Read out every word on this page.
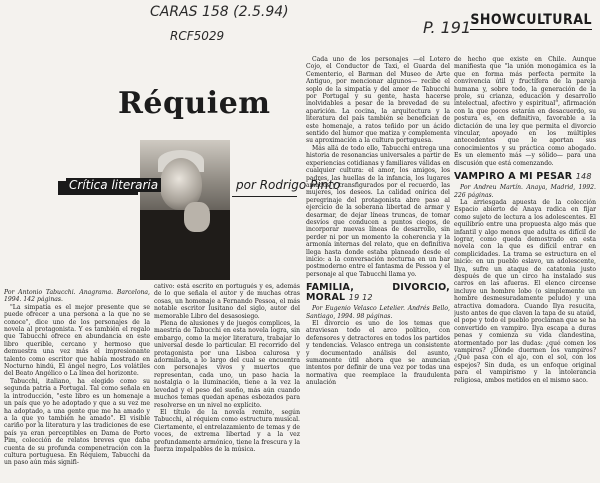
CARAS 158 (2.5.94)
RCF5029	P. 191 SHOWCULTURAL
Réquiem
Crítica literaria	por Rodrigo Pinto

Por Antonio Tabucchi. Anagrama. Barcelona, 1994. 142 páginas.

"La simpatía es el mejor presente que se puede ofrecer a una persona a la que no se conoce", dice uno de los personajes de la novela al protagonista. Y es también el regalo que Tabucchi ofrece en abundancia en este libro querible, cercano y hermoso que demuestra una vez más el impresionante talento como escritor que había mostrado en Nocturno hindú, El ángel negro, Los volátiles del Beato Angélico o La línea del horizonte.

Tabucchi, italiano, ha elegido como su segunda patria a Portugal. Tal como señala en la introducción, "este libro es un homenaje a un país que yo he adoptado y que a su vez me ha adoptado, a una gente que me ha amado y a la que yo también he amado". El visible cariño por la literatura y las tradiciones de ese país ya eran perceptibles en Dama de Porto Pim, colección de relatos breves que daba cuenta de su profunda compenetración con la cultura portuguesa. En Réquiem, Tabucchi da un paso aún más signifi-

cativo: está escrito en portugués y es, además de lo que señala el autor y de muchas otras cosas, un homenaje a Fernando Pessoa, el más notable escritor lusitano del siglo, autor del memorable Libro del desasosiego.

Plena de alusiones y de juegos complices, la maestría de Tabucchi en esta novela logra, sin embargo, como la mejor literatura, trabajar lo universal desde lo particular. El recorrido del protagonista por una Lisboa calurosa y adormilada, a lo largo del cual se encuentra con personajes vivos y muertos que representan, cada uno, un paso hacia la nostalgia o la iluminación, tiene a la vez la levedad y el peso del sueño, más aún cuando muchos temas quedan apenas esbozados para resolverse en un nivel no explícito.

El título de la novela remite, según Tabucchi, al réquiem como estructura musical. Ciertamente, el entrelazamiento de temas y de voces, de extrema libertad y a la vez profundamente armónico, tiene la frescura y la fuerza impalpables de la música.

Cada uno de los personajes —el Lotero Cojo, el Conductor de Taxi, el Guarda del Cementerio, el Barman del Museo de Arte Antiguo, por mencionar algunos— recibe el soplo de la simpatía y del amor de Tabucchi por Portugal y su gente, hasta hacerse inolvidables a pesar de la brevedad de su aparición. La cocina, la arquitectura y la literatura del país también se benefician de este homenaje, a ratos teñido por un ácido sentido del humor que matiza y complementa su aproximación a la cultura portuguesa.

Más allá de todo ello, Tabucchi entrega una historia de resonancias universales a partir de experiencias cotidianas y familiares válidas en cualquier cultura: el amor, los amigos, los padres, las huellas de la infancia, los lugares amados y transfigurados por el recuerdo, las mujeres, los deseos. La calidad onírica del peregrinaje del protagonista abre paso al ejercicio de la soberana libertad de armar y desarmar, de dejar líneas truncas, de tomar desvíos que conducen a puntos ciegos, de incorporar nuevas líneas de desarrollo, sin perder ni por un momento la coherencia y la armonía internas del relato, que en definitiva llega hasta donde estaba planeado desde el inicio: a la conversación nocturna en un bar postmoderno entre el fantasma de Pessoa y el personaje al que Tabucchi llama yo.

FAMILIA, DIVORCIO, MORAL 19 12

Por Eugenio Velasco Letelier. Andrés Bello, Santiago, 1994. 98 páginas.

El divorcio es uno de los temas que atraviesan todo el arco político, con defensores y detractores en todos los partidos y tendencias. Velasco entrega un consistente y documentado análisis del asunto, sumamente útil ahora que se anuncian intentos por definir de una vez por todas una normativa que reemplace la fraudulenta anulación

de hecho que existe en Chile. Aunque manifiesta que "la unión monogámica es la que en forma más perfecta permite la convivencia útil y fructífera de la pareja humana y, sobre todo, la generación de la prole, su crianza, educación y desarrollo intelectual, afectivo y espiritual", afirmación con la que pocos estarán en desacuerdo, su postura es, en definitiva, favorable a la dictación de una ley que permita el divorcio vincular, apoyado en los múltiples antecedentes que le aportan sus conocimientos y su práctica como abogado. Es un elemento más —y sólido— para una discusión que está comenzando.

VAMPIRO A MI PESAR 148

Por Andreu Martín. Anaya, Madrid, 1992. 226 páginas.

La arriesgada apuesta de la colección Espacio abierto de Anaya radica en fijar como sujeto de lectura a los adolescentes. El equilibrio entre una propuesta algo más que infantil y algo menos que adulta es difícil de lograr, como queda demostrado en esta novela con la que es difícil entrar en complicidades. La trama se estructura en el inicio: en un pueblo eslavo, un adolescente, Ilya, sufre un ataque de catatonia justo después de que un circo ha instalado sus carros en las afueras. El elenco circense incluye un hombre lobo (o simplemente un hombre desmesuradamente peludo) y una atractiva domadora. Cuando Ilya resucita, justo antes de que claven la tapa de su ataúd, el pope y todo el pueblo proclaman que se ha convertido en vampiro. Ilya escapa a duras penas y comienza su vida clandestina, atormentado por las dudas: ¿qué comen los vampiros? ¿Dónde duermen los vampiros? ¿Qué pasa con el ajo, con el sol, con los espejos? Sin duda, es un enfoque original para el vampirismo y la intolerancia religiosa, ambos metidos en el mismo saco.
